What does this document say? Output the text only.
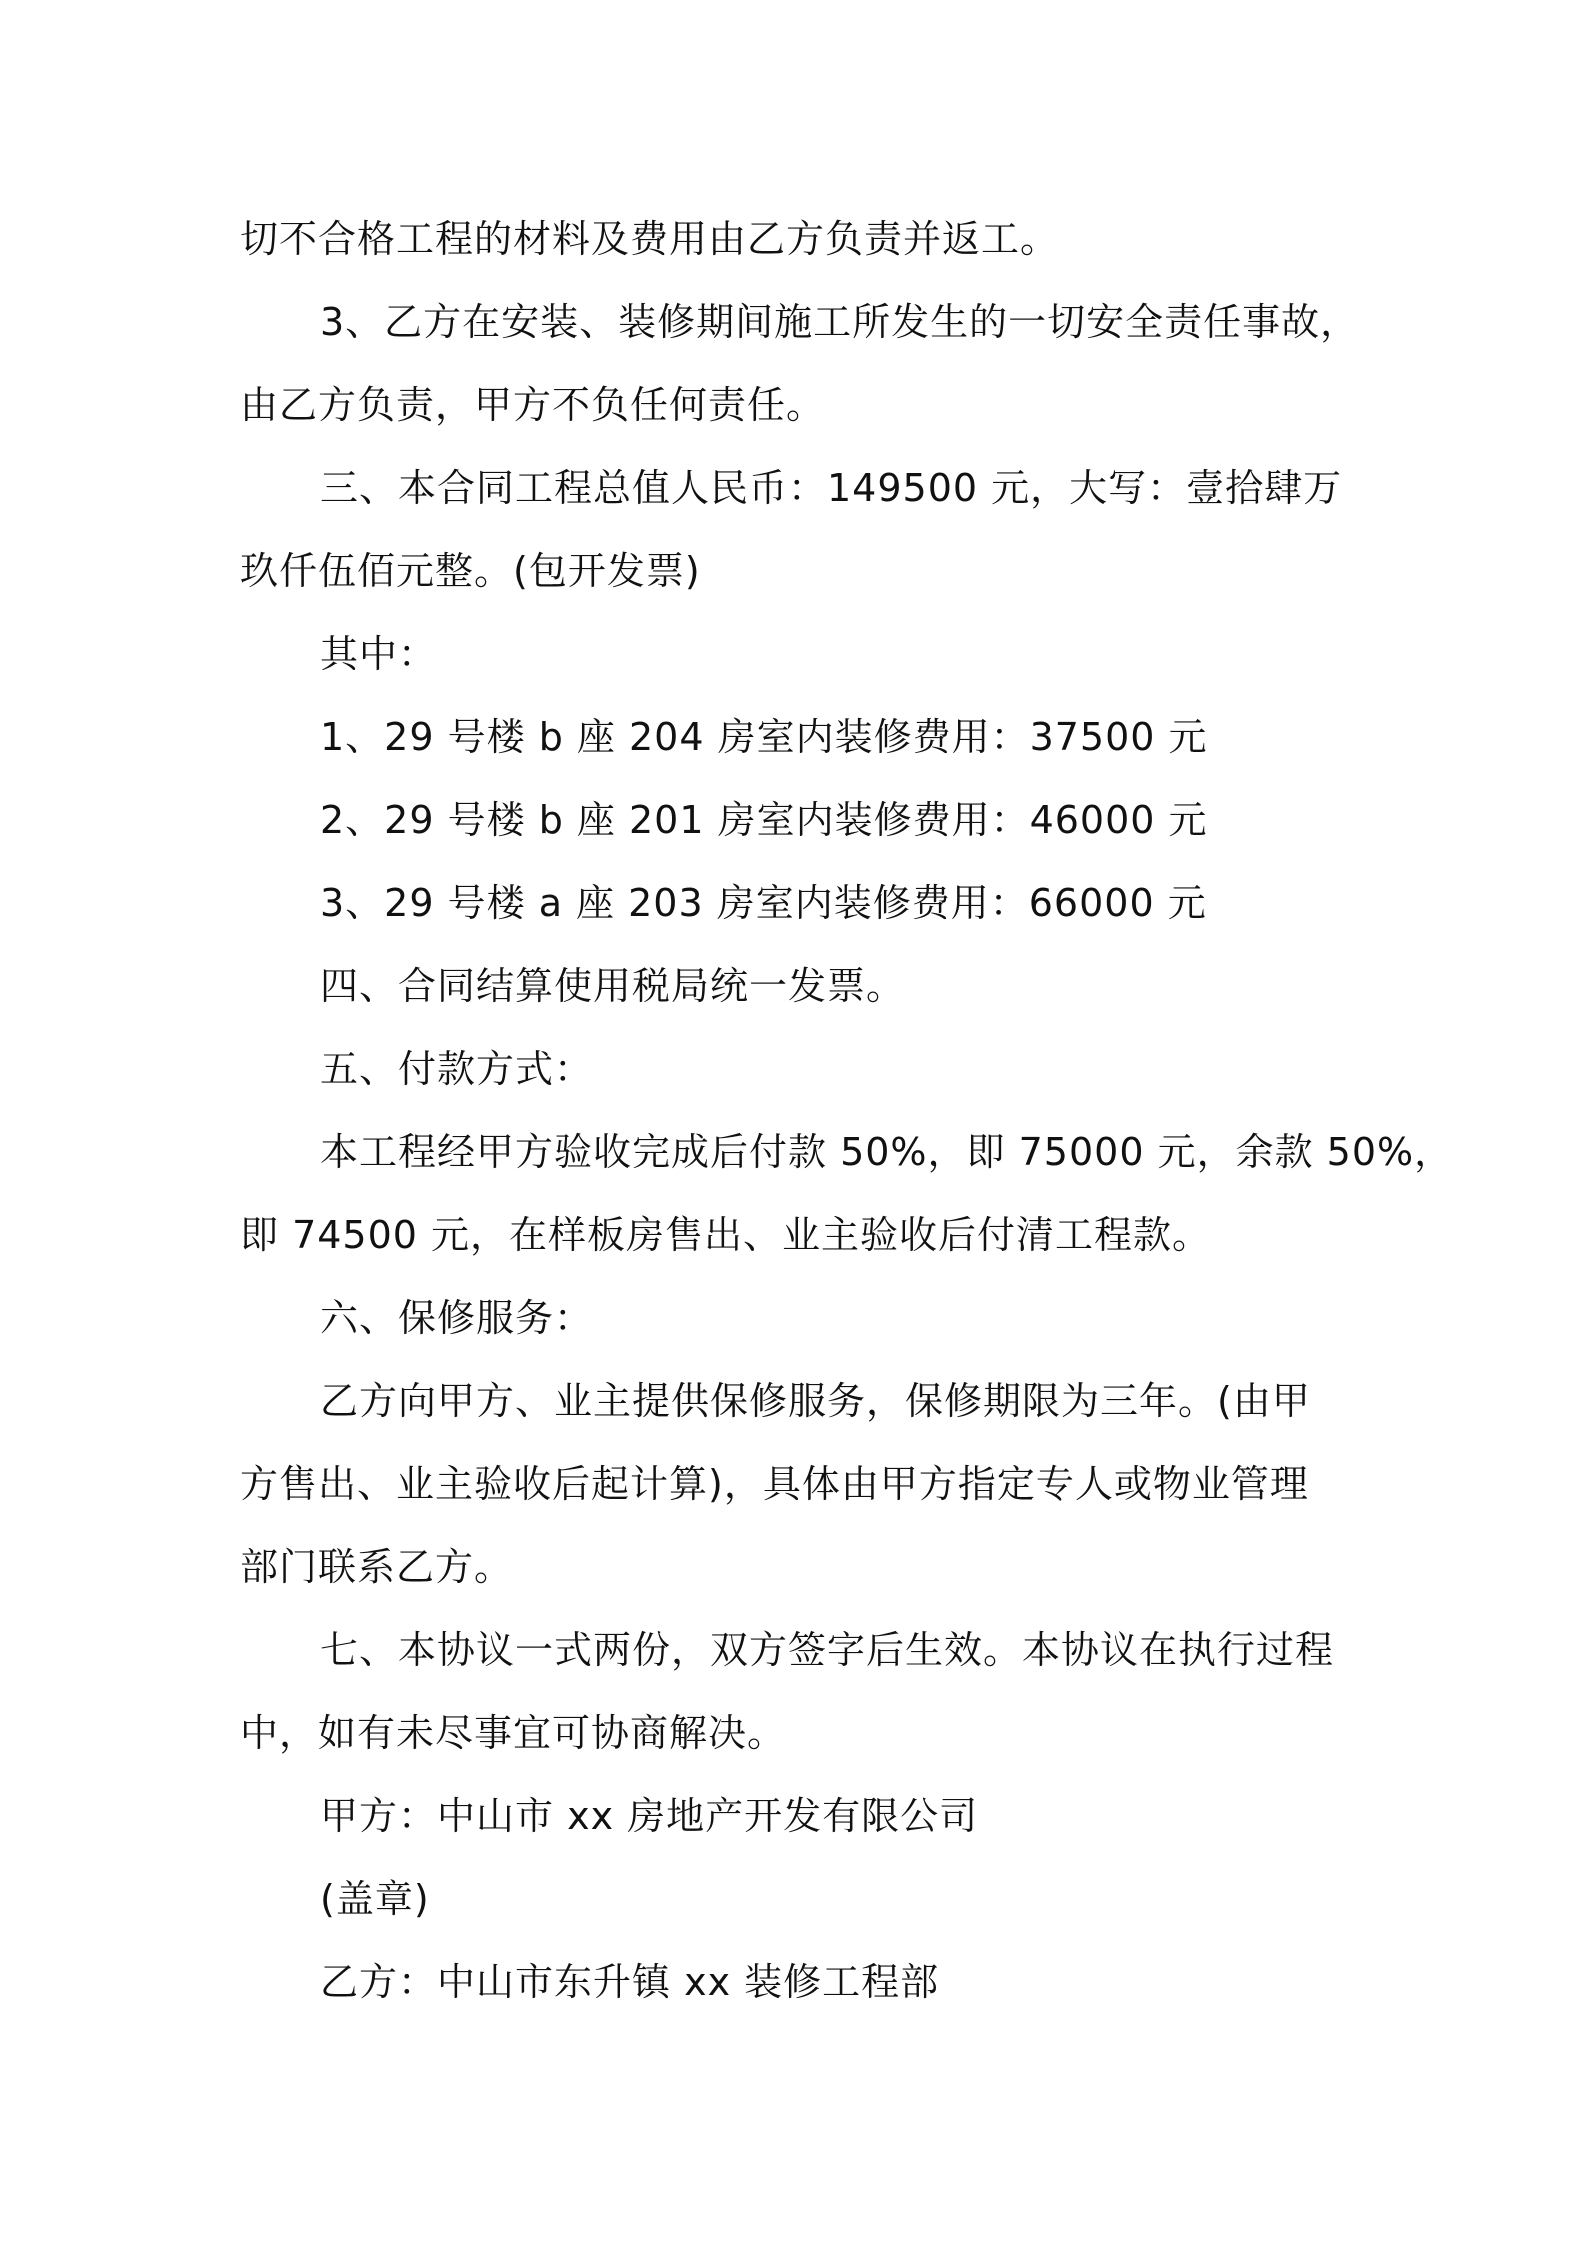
切不合格工程的材料及费用由乙方负责并返工。
3、乙方在安装、装修期间施工所发生的一切安全责任事故，
由乙方负责，甲方不负任何责任。
三、本合同工程总值人民币：149500 元，大写：壹拾肆万
玖仟伍佰元整。(包开发票)
其中：
1、29 号楼 b 座 204 房室内装修费用：37500 元
2、29 号楼 b 座 201 房室内装修费用：46000 元
3、29 号楼 a 座 203 房室内装修费用：66000 元
四、合同结算使用税局统一发票。
五、付款方式：
本工程经甲方验收完成后付款 50%，即 75000 元，余款 50%，
即 74500 元，在样板房售出、业主验收后付清工程款。
六、保修服务：
乙方向甲方、业主提供保修服务，保修期限为三年。(由甲
方售出、业主验收后起计算)，具体由甲方指定专人或物业管理
部门联系乙方。
七、本协议一式两份，双方签字后生效。本协议在执行过程
中，如有未尽事宜可协商解决。
甲方：中山市 xx 房地产开发有限公司
(盖章)
乙方：中山市东升镇 xx 装修工程部
